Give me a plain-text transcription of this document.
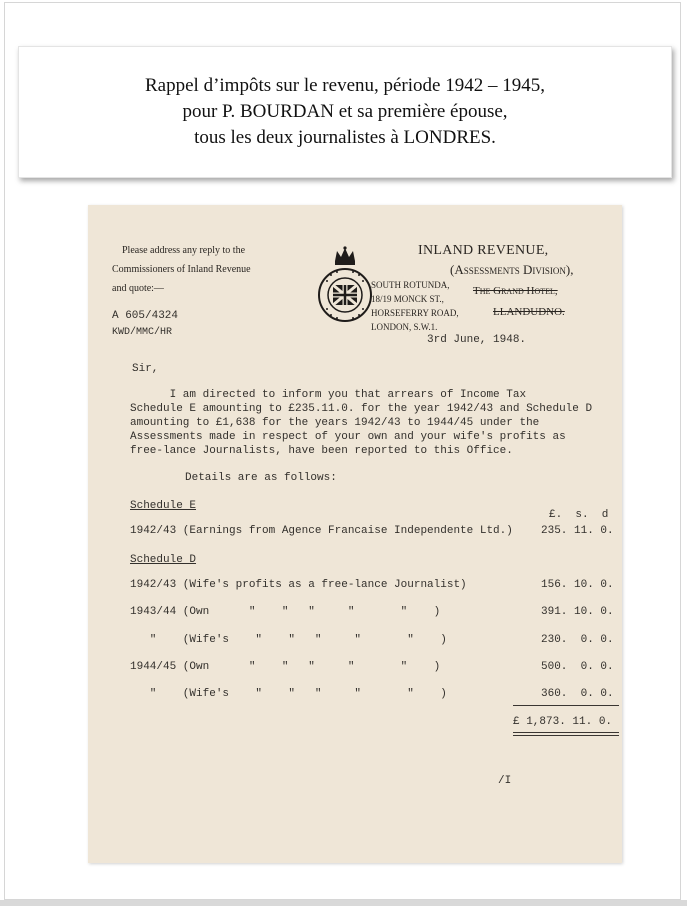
Rappel d’impôts sur le revenu, période 1942 – 1945,
pour P. BOURDAN et sa première épouse,
tous les deux journalistes à LONDRES.
Please address any reply to the
Commissioners of Inland Revenue
and quote:—
A 605/4324
KWD/MMC/HR
INLAND REVENUE,
(Assessments Division),
SOUTH ROTUNDA,
18/19 MONCK ST.,
HORSEFERRY ROAD,
LONDON, S.W.1.
The Grand Hotel,
LLANDUDNO.
3rd June, 1948.
Sir,
I am directed to inform you that arrears of Income Tax
Schedule E amounting to £235.11.0. for the year 1942/43 and Schedule D
amounting to £1,638 for the years 1942/43 to 1944/45 under the
Assessments made in respect of your own and your wife's profits as
free-lance Journalists, have been reported to this Office.
Details are as follows:
Schedule E
£.  s.  d
1942/43 (Earnings from Agence Francaise Independente Ltd.)	235. 11. 0.
Schedule D
1942/43 (Wife's profits as a free-lance Journalist)	156. 10. 0.
1943/44 (Own      "    "   "     "       "    )	391. 10. 0.
"    (Wife's    "    "   "     "       "    )	230.  0. 0.
1944/45 (Own      "    "   "     "       "    )	500.  0. 0.
"    (Wife's    "    "   "     "       "    )	360.  0. 0.
£ 1,873. 11. 0.
/I
